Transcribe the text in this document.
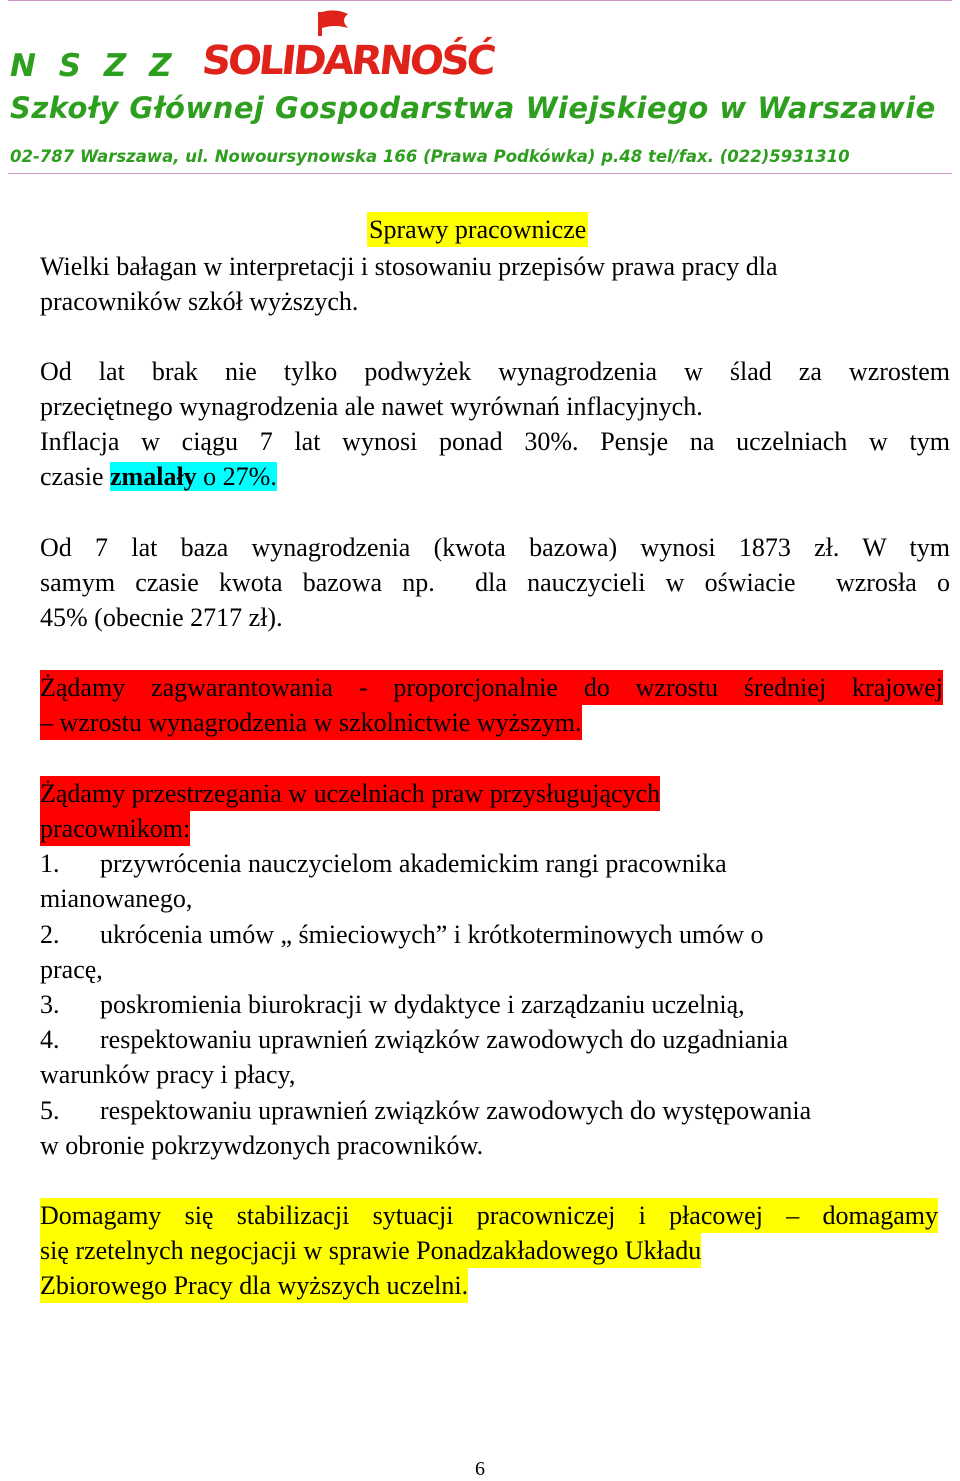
N S Z Z SOLIDARNOŚĆ
Szkoły Głównej Gospodarstwa Wiejskiego w Warszawie
02-787 Warszawa, ul. Nowoursynowska 166 (Prawa Podkówka) p.48 tel/fax. (022)5931310
Sprawy pracownicze
Wielki bałagan w interpretacji i stosowaniu przepisów prawa pracy dla
pracowników szkół wyższych.
Od lat brak nie tylko podwyżek wynagrodzenia w ślad za wzrostem
przeciętnego wynagrodzenia ale nawet wyrównań inflacyjnych.
Inflacja w ciągu 7 lat wynosi ponad 30%. Pensje na uczelniach w tym
czasie zmalały o 27%.
Od 7 lat baza wynagrodzenia (kwota bazowa) wynosi 1873 zł. W tym
samym czasie kwota bazowa np.  dla nauczycieli w oświacie  wzrosła o
45% (obecnie 2717 zł).
Żądamy zagwarantowania - proporcjonalnie do wzrostu średniej krajowej
– wzrostu wynagrodzenia w szkolnictwie wyższym.
Żądamy przestrzegania w uczelniach praw przysługujących
pracownikom:
1. przywrócenia nauczycielom akademickim rangi pracownika
mianowanego,
2. ukrócenia umów „ śmieciowych” i krótkoterminowych umów o
pracę,
3. poskromienia biurokracji w dydaktyce i zarządzaniu uczelnią,
4. respektowaniu uprawnień związków zawodowych do uzgadniania
warunków pracy i płacy,
5. respektowaniu uprawnień związków zawodowych do występowania
w obronie pokrzywdzonych pracowników.
Domagamy się stabilizacji sytuacji pracowniczej i płacowej – domagamy
się rzetelnych negocjacji w sprawie Ponadzakładowego Układu
Zbiorowego Pracy dla wyższych uczelni.
6
